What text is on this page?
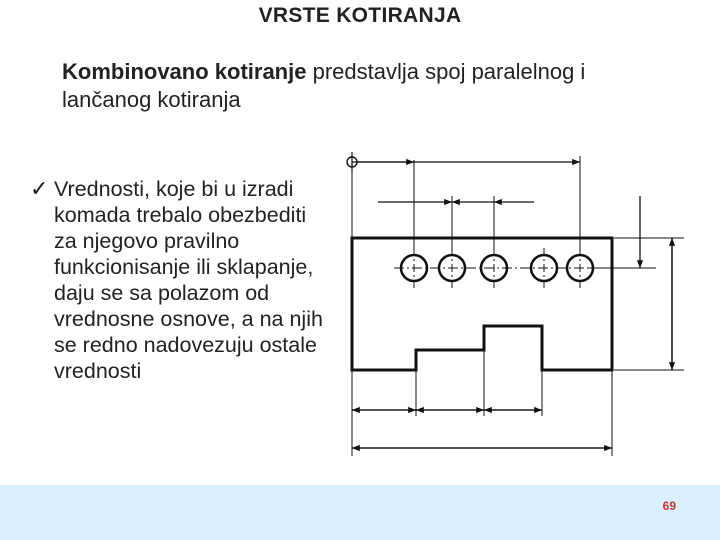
VRSTE KOTIRANJA
Kombinovano kotiranje predstavlja spoj paralelnog i lančanog kotiranja
✓ Vrednosti, koje bi u izradi komada trebalo obezbediti za njegovo pravilno funkcionisanje ili sklapanje, daju se sa polazom od vrednosne osnove, a na njih se redno nadovezuju ostale vrednosti
69
